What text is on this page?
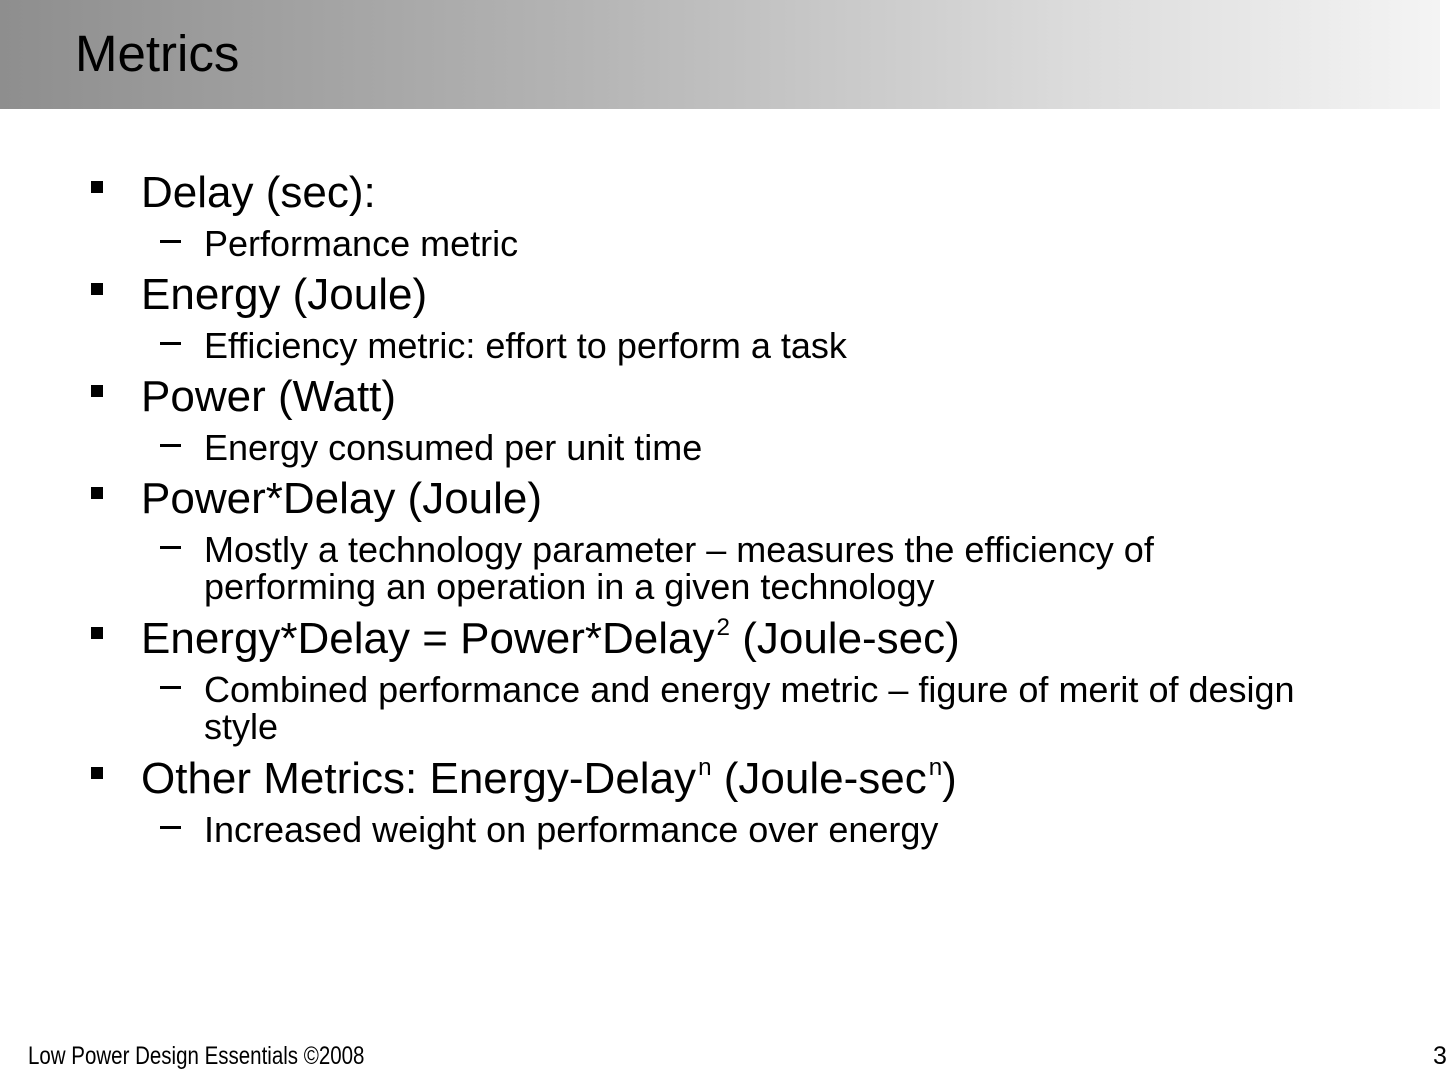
Metrics
Delay (sec):
Performance metric
Energy (Joule)
Efficiency metric: effort to perform a task
Power (Watt)
Energy consumed per unit time
Power*Delay (Joule)
Mostly a technology parameter – measures the efficiency of performing an operation in a given technology
Energy*Delay = Power*Delay$^2$ (Joule-sec)
Combined performance and energy metric – figure of merit of design style
Other Metrics: Energy-Delay$^n$ $(Joule-\sec^n)$
Increased weight on performance over energy
Low Power Design Essentials ©2008	3
